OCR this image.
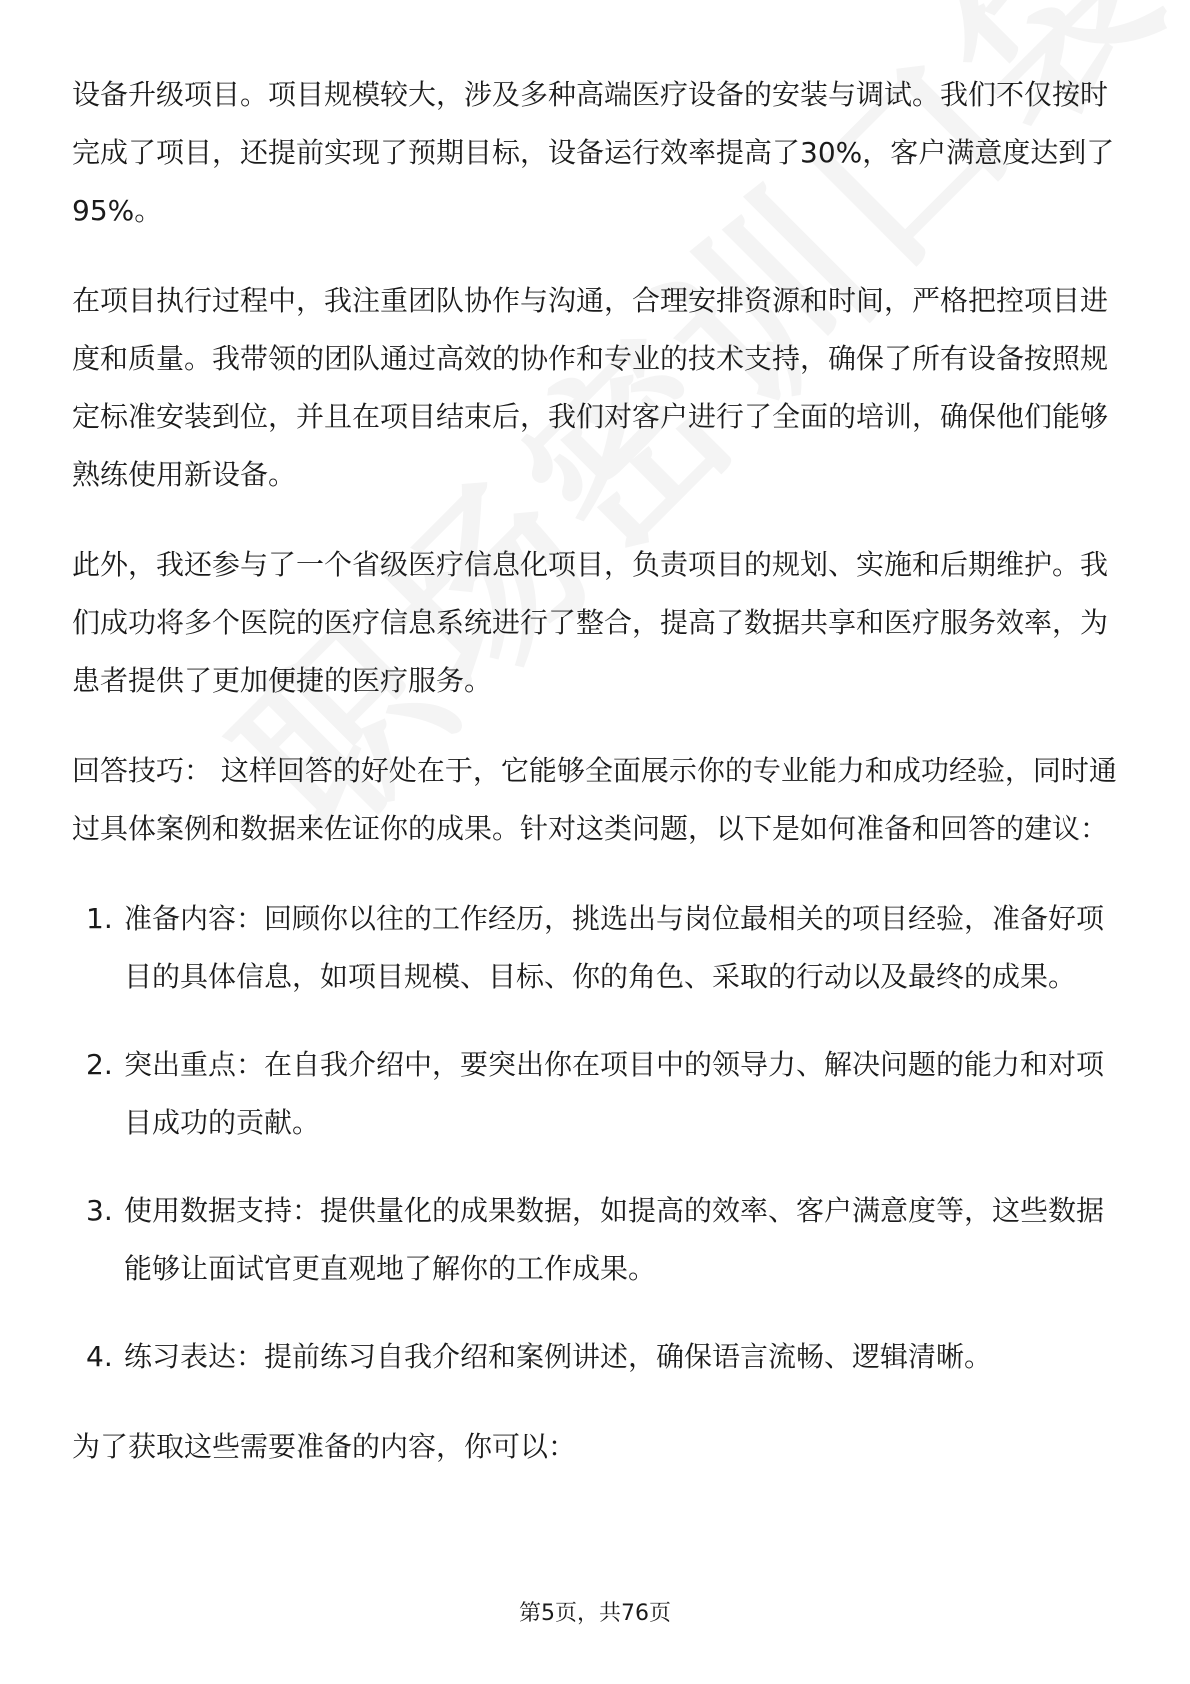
设备升级项目。项目规模较大，涉及多种高端医疗设备的安装与调试。我们不仅按时完成了项目，还提前实现了预期目标，设备运行效率提高了30%，客户满意度达到了95%。

在项目执行过程中，我注重团队协作与沟通，合理安排资源和时间，严格把控项目进度和质量。我带领的团队通过高效的协作和专业的技术支持，确保了所有设备按照规定标准安装到位，并且在项目结束后，我们对客户进行了全面的培训，确保他们能够熟练使用新设备。

此外，我还参与了一个省级医疗信息化项目，负责项目的规划、实施和后期维护。我们成功将多个医院的医疗信息系统进行了整合，提高了数据共享和医疗服务效率，为患者提供了更加便捷的医疗服务。

回答技巧： 这样回答的好处在于，它能够全面展示你的专业能力和成功经验，同时通过具体案例和数据来佐证你的成果。针对这类问题，以下是如何准备和回答的建议：

1. 准备内容：回顾你以往的工作经历，挑选出与岗位最相关的项目经验，准备好项目的具体信息，如项目规模、目标、你的角色、采取的行动以及最终的成果。
2. 突出重点：在自我介绍中，要突出你在项目中的领导力、解决问题的能力和对项目成功的贡献。
3. 使用数据支持：提供量化的成果数据，如提高的效率、客户满意度等，这些数据能够让面试官更直观地了解你的工作成果。
4. 练习表达：提前练习自我介绍和案例讲述，确保语言流畅、逻辑清晰。

为了获取这些需要准备的内容，你可以：

第5页，共76页
